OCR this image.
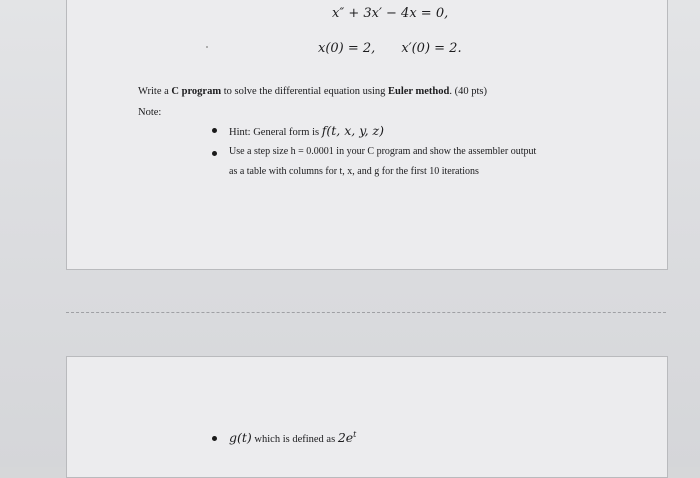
x″ + 3x′ − 4x = 0,
x(0) = 2, x′(0) = 2.
Write a C program to solve the differential equation using Euler method. (40 pts)
Note:
Hint: General form is f(t, x, y, z)
Use a step size h = 0.0001 in your C program and show the assembler output
as a table with columns for t, x, and g for the first 10 iterations
g(t) which is defined as $2e^t$
